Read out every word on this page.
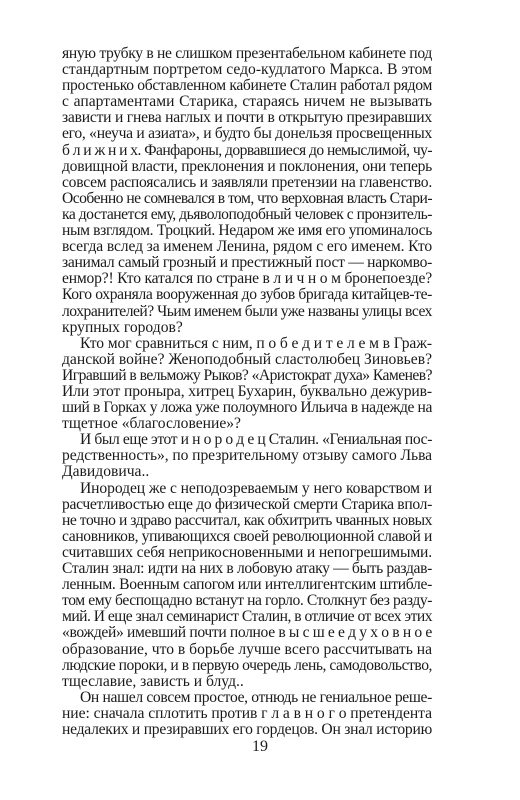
яную трубку в не слишком презентабельном кабинете под
стандартным портретом седо-кудлатого Маркса. В этом
простенько обставленном кабинете Сталин работал рядом
с апартаментами Старика, стараясь ничем не вызывать
зависти и гнева наглых и почти в открытую презиравших
его, «неуча и азиата», и будто бы донельзя просвещенных
б л и ж н и х. Фанфароны, дорвавшиеся до немыслимой, чу-
довищной власти, преклонения и поклонения, они теперь
совсем распоясались и заявляли претензии на главенство.
Особенно не сомневался в том, что верховная власть Стари-
ка достанется ему, дьяволоподобный человек с пронзитель-
ным взглядом. Троцкий. Недаром же имя его упоминалось
всегда вслед за именем Ленина, рядом с его именем. Кто
занимал самый грозный и престижный пост — наркомво-
енмор?! Кто катался по стране в л и ч н о м бронепоезде?
Кого охраняла вооруженная до зубов бригада китайцев-те-
лохранителей? Чьим именем были уже названы улицы всех
крупных городов?
Кто мог сравниться с ним, п о б е д и т е л е м в Граж-
данской войне? Женоподобный сластолюбец Зиновьев?
Игравший в вельможу Рыков? «Аристократ духа» Каменев?
Или этот проныра, хитрец Бухарин, буквально дежурив-
ший в Горках у ложа уже полоумного Ильича в надежде на
тщетное «благословение»?
И был еще этот и н о р о д е ц Сталин. «Гениальная пос-
редственность», по презрительному отзыву самого Льва
Давидовича..
Инородец же с неподозреваемым у него коварством и
расчетливостью еще до физической смерти Старика впол-
не точно и здраво рассчитал, как обхитрить чванных новых
сановников, упивающихся своей революционной славой и
считавших себя неприкосновенными и непогрешимыми.
Сталин знал: идти на них в лобовую атаку — быть раздав-
ленным. Военным сапогом или интеллигентским штибле-
том ему беспощадно встанут на горло. Столкнут без разду-
мий. И еще знал семинарист Сталин, в отличие от всех этих
«вождей» имевший почти полное в ы с ш е е д у х о в н о е
образование, что в борьбе лучше всего рассчитывать на
людские пороки, и в первую очередь лень, самодовольство,
тщеславие, зависть и блуд..
Он нашел совсем простое, отнюдь не гениальное реше-
ние: сначала сплотить против г л а в н о г о претендента
недалеких и презиравших его гордецов. Он знал историю
19
